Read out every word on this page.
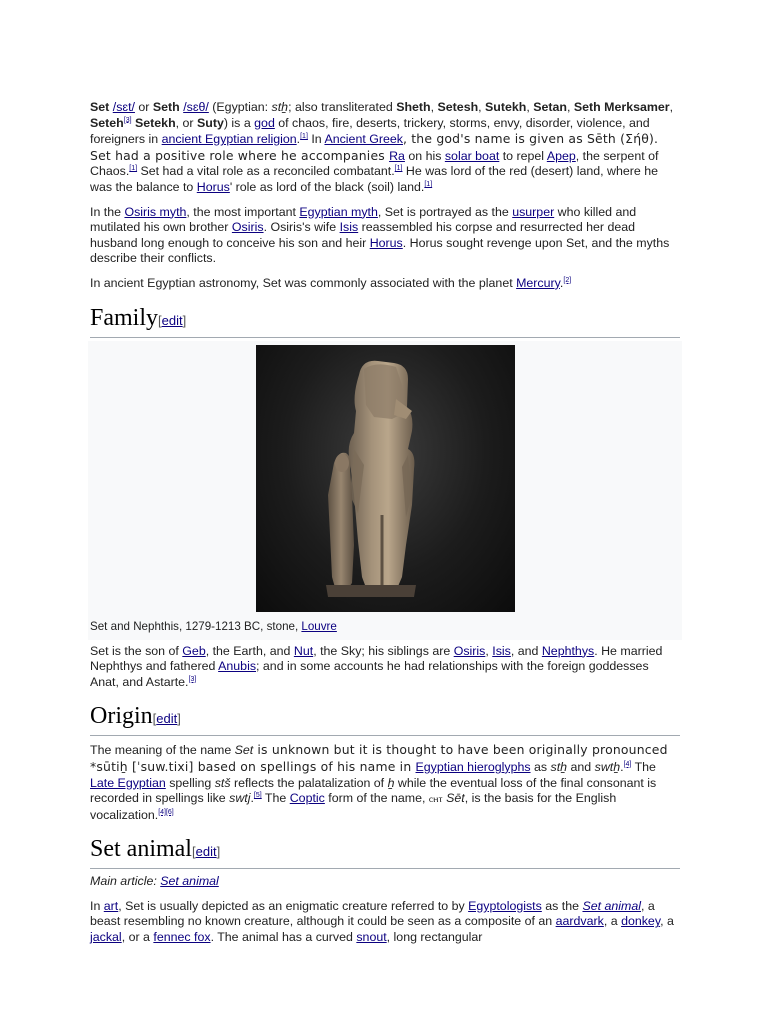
Set /sɛt/ or Seth /sɛθ/ (Egyptian: stẖ; also transliterated Sheth, Setesh, Sutekh, Setan, Seth Merksamer, Seteh[3] Setekh, or Suty) is a god of chaos, fire, deserts, trickery, storms, envy, disorder, violence, and foreigners in ancient Egyptian religion.[1] In Ancient Greek, the god's name is given as Sēth (Σήθ). Set had a positive role where he accompanies Ra on his solar boat to repel Apep, the serpent of Chaos.[1] Set had a vital role as a reconciled combatant.[1] He was lord of the red (desert) land, where he was the balance to Horus' role as lord of the black (soil) land.[1]

In the Osiris myth, the most important Egyptian myth, Set is portrayed as the usurper who killed and mutilated his own brother Osiris. Osiris's wife Isis reassembled his corpse and resurrected her dead husband long enough to conceive his son and heir Horus. Horus sought revenge upon Set, and the myths describe their conflicts.

In ancient Egyptian astronomy, Set was commonly associated with the planet Mercury.[2]

Family[edit]
Set and Nephthis, 1279-1213 BC, stone, Louvre

Set is the son of Geb, the Earth, and Nut, the Sky; his siblings are Osiris, Isis, and Nephthys. He married Nephthys and fathered Anubis; and in some accounts he had relationships with the foreign goddesses Anat, and Astarte.[3]

Origin[edit]

The meaning of the name Set is unknown but it is thought to have been originally pronounced *sūtiẖ [ˈsuw.tixi] based on spellings of his name in Egyptian hieroglyphs as stẖ and swtẖ.[4] The Late Egyptian spelling stš reflects the palatalization of ẖ while the eventual loss of the final consonant is recorded in spellings like swtj.[5] The Coptic form of the name, ⲥⲏⲧ Sēt, is the basis for the English vocalization.[4][6]

Set animal[edit]
Main article: Set animal

In art, Set is usually depicted as an enigmatic creature referred to by Egyptologists as the Set animal, a beast resembling no known creature, although it could be seen as a composite of an aardvark, a donkey, a jackal, or a fennec fox. The animal has a curved snout, long rectangular
